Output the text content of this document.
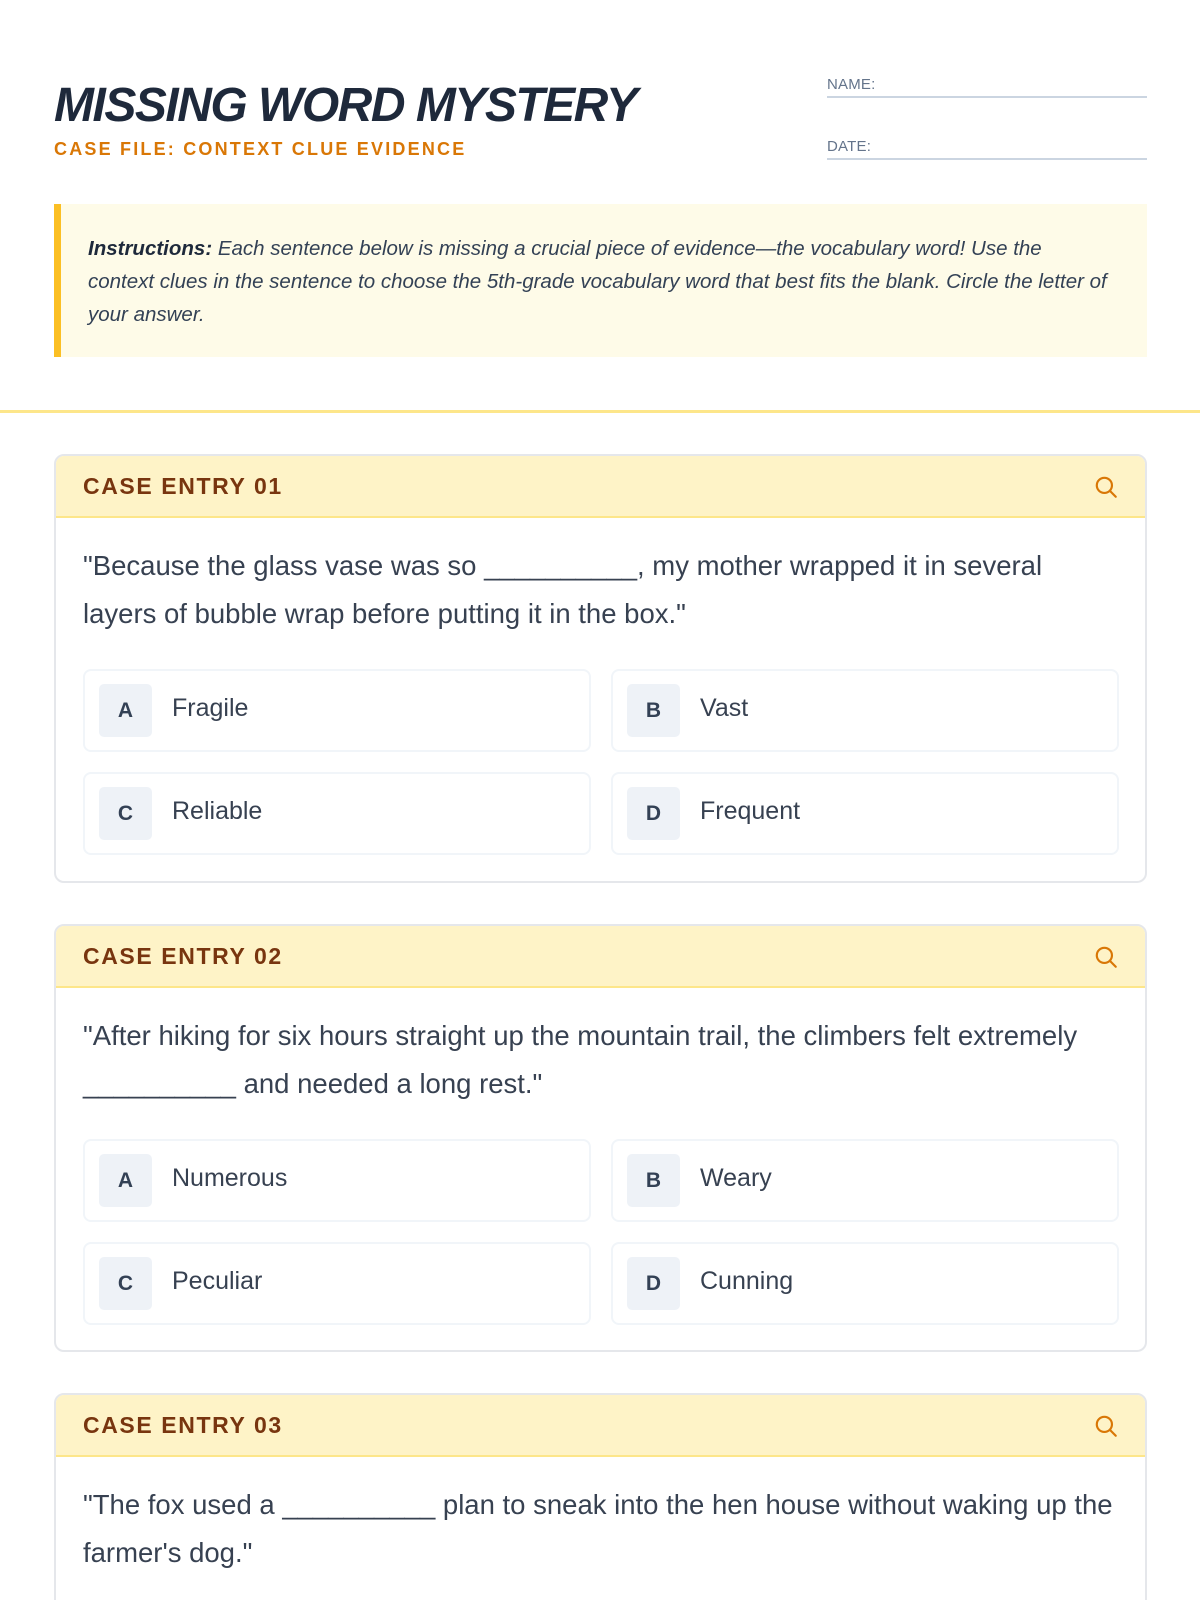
MISSING WORD MYSTERY
CASE FILE: CONTEXT CLUE EVIDENCE
NAME:
DATE:
Instructions: Each sentence below is missing a crucial piece of evidence—the vocabulary word! Use the context clues in the sentence to choose the 5th-grade vocabulary word that best fits the blank. Circle the letter of your answer.
CASE ENTRY 01
"Because the glass vase was so __________, my mother wrapped it in several layers of bubble wrap before putting it in the box."
A	Fragile	B	Vast
C	Reliable	D	Frequent
CASE ENTRY 02
"After hiking for six hours straight up the mountain trail, the climbers felt extremely __________ and needed a long rest."
A	Numerous	B	Weary
C	Peculiar	D	Cunning
CASE ENTRY 03
"The fox used a __________ plan to sneak into the hen house without waking up the farmer's dog."
